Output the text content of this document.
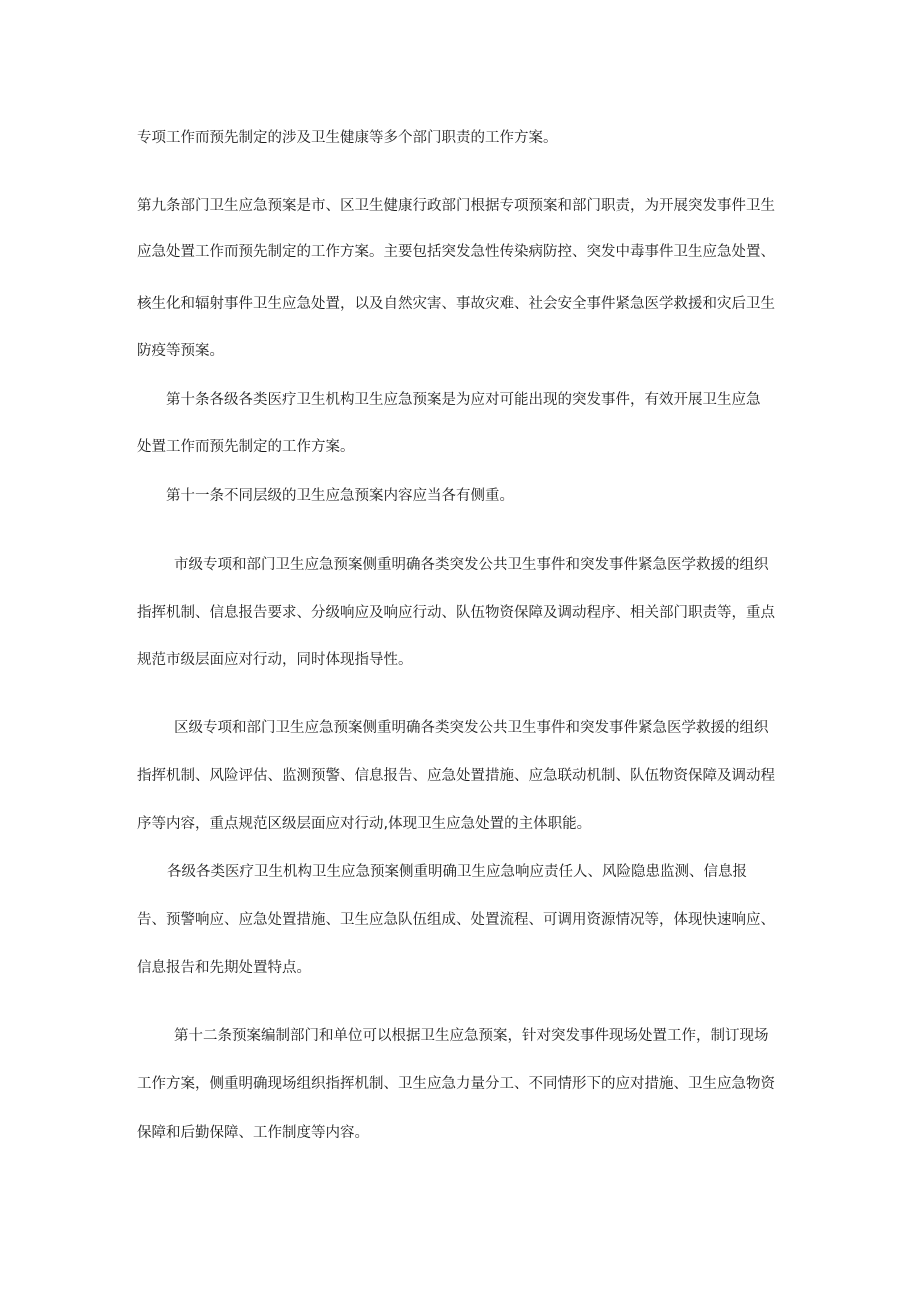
专项工作而预先制定的涉及卫生健康等多个部门职责的工作方案。
第九条部门卫生应急预案是市、区卫生健康行政部门根据专项预案和部门职责，为开展突发事件卫生
应急处置工作而预先制定的工作方案。主要包括突发急性传染病防控、突发中毒事件卫生应急处置、
核生化和辐射事件卫生应急处置，以及自然灾害、事故灾难、社会安全事件紧急医学救援和灾后卫生
防疫等预案。
第十条各级各类医疗卫生机构卫生应急预案是为应对可能出现的突发事件，有效开展卫生应急
处置工作而预先制定的工作方案。
第十一条不同层级的卫生应急预案内容应当各有侧重。
市级专项和部门卫生应急预案侧重明确各类突发公共卫生事件和突发事件紧急医学救援的组织
指挥机制、信息报告要求、分级响应及响应行动、队伍物资保障及调动程序、相关部门职责等，重点
规范市级层面应对行动，同时体现指导性。
区级专项和部门卫生应急预案侧重明确各类突发公共卫生事件和突发事件紧急医学救援的组织
指挥机制、风险评估、监测预警、信息报告、应急处置措施、应急联动机制、队伍物资保障及调动程
序等内容，重点规范区级层面应对行动,体现卫生应急处置的主体职能。
各级各类医疗卫生机构卫生应急预案侧重明确卫生应急响应责任人、风险隐患监测、信息报
告、预警响应、应急处置措施、卫生应急队伍组成、处置流程、可调用资源情况等，体现快速响应、
信息报告和先期处置特点。
第十二条预案编制部门和单位可以根据卫生应急预案，针对突发事件现场处置工作，制订现场
工作方案，侧重明确现场组织指挥机制、卫生应急力量分工、不同情形下的应对措施、卫生应急物资
保障和后勤保障、工作制度等内容。
